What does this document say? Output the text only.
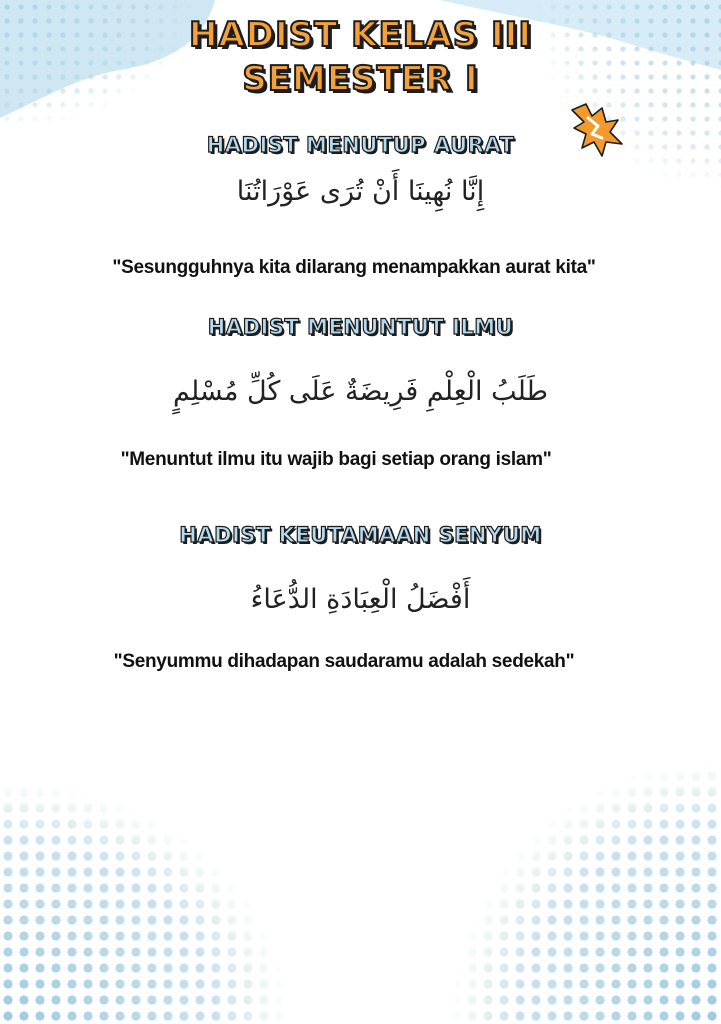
HADIST KELAS III
SEMESTER I
HADIST MENUTUP AURAT
إِنَّا نُهِينَا أَنْ تُرَى عَوْرَاتُنَا
"Sesungguhnya kita dilarang menampakkan aurat kita"
HADIST MENUNTUT ILMU
طَلَبُ الْعِلْمِ فَرِيضَةٌ عَلَى كُلِّ مُسْلِمٍ
"Menuntut ilmu itu wajib bagi setiap orang islam"
HADIST KEUTAMAAN SENYUM
أَفْضَلُ الْعِبَادَةِ الدُّعَاءُ
"Senyummu dihadapan saudaramu adalah sedekah"
